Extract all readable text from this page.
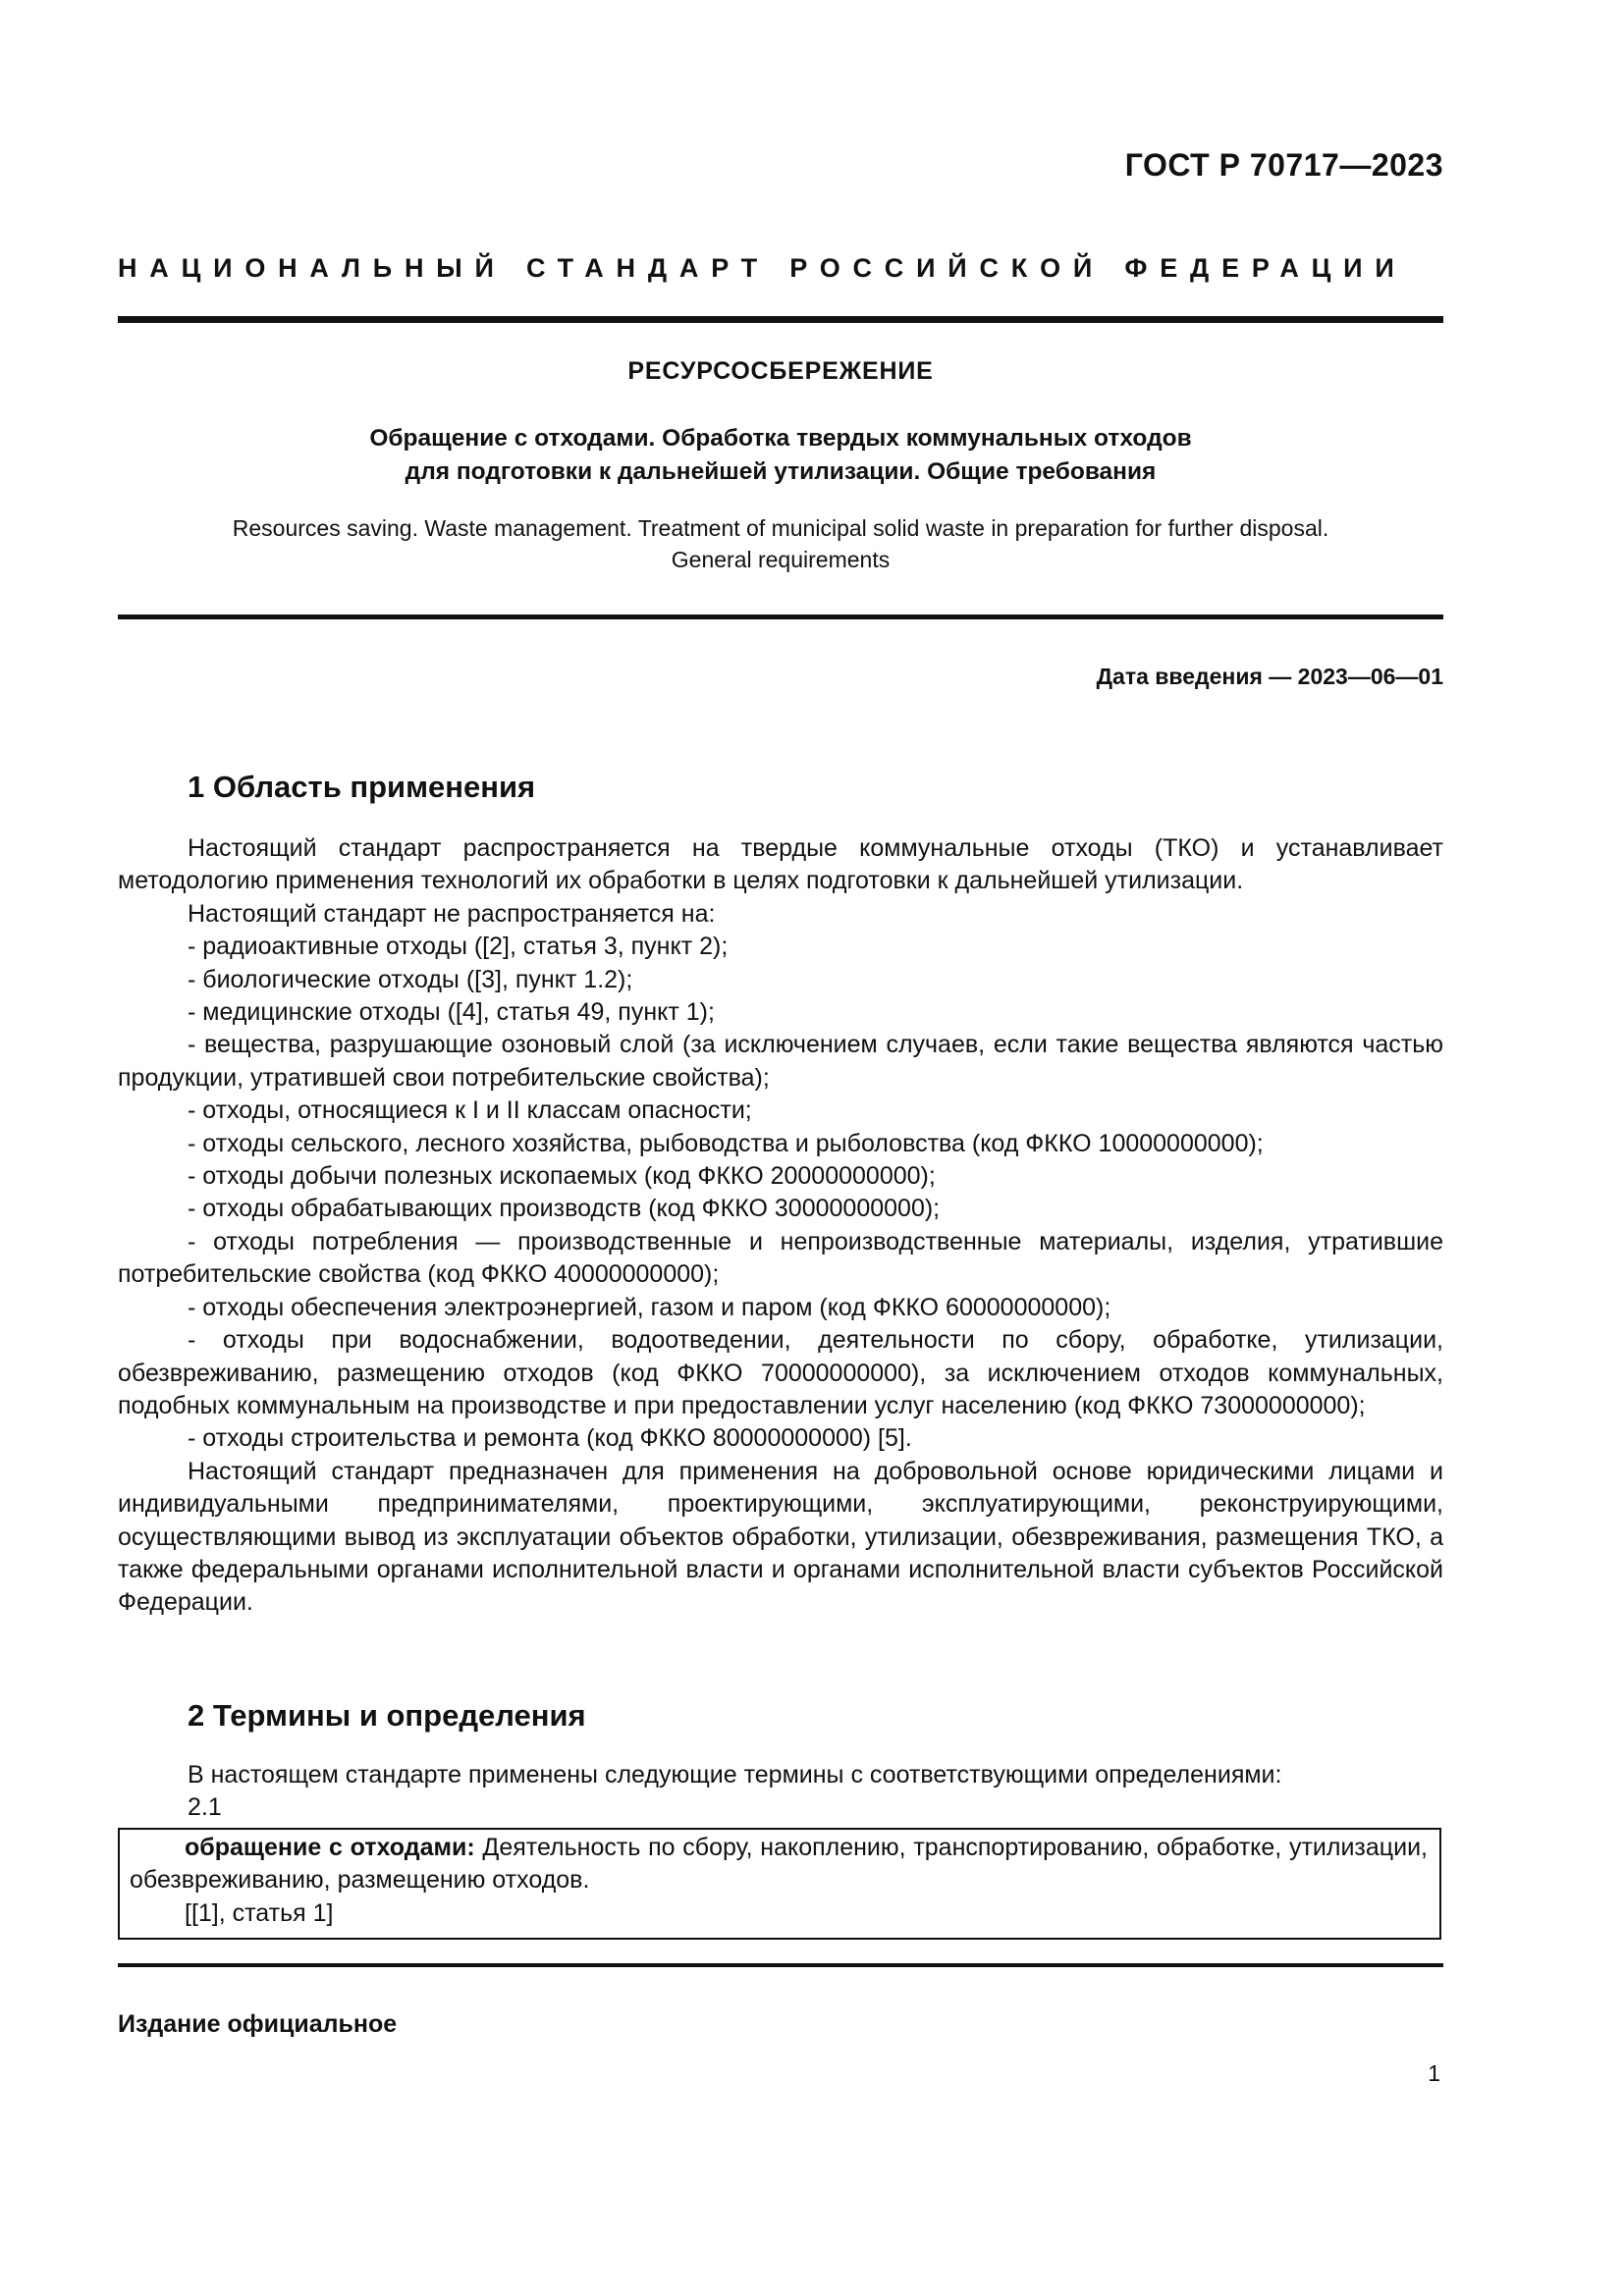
ГОСТ Р 70717—2023
НАЦИОНАЛЬНЫЙ СТАНДАРТ РОССИЙСКОЙ ФЕДЕРАЦИИ
РЕСУРСОСБЕРЕЖЕНИЕ
Обращение с отходами. Обработка твердых коммунальных отходов
для подготовки к дальнейшей утилизации. Общие требования
Resources saving. Waste management. Treatment of municipal solid waste in preparation for further disposal.
General requirements
Дата введения — 2023—06—01
1 Область применения

Настоящий стандарт распространяется на твердые коммунальные отходы (ТКО) и устанавливает методологию применения технологий их обработки в целях подготовки к дальнейшей утилизации.

Настоящий стандарт не распространяется на:

- радиоактивные отходы ([2], статья 3, пункт 2);

- биологические отходы ([3], пункт 1.2);

- медицинские отходы ([4], статья 49, пункт 1);

- вещества, разрушающие озоновый слой (за исключением случаев, если такие вещества являются частью продукции, утратившей свои потребительские свойства);

- отходы, относящиеся к I и II классам опасности;

- отходы сельского, лесного хозяйства, рыбоводства и рыболовства (код ФККО 10000000000);

- отходы добычи полезных ископаемых (код ФККО 20000000000);

- отходы обрабатывающих производств (код ФККО 30000000000);

- отходы потребления — производственные и непроизводственные материалы, изделия, утратившие потребительские свойства (код ФККО 40000000000);

- отходы обеспечения электроэнергией, газом и паром (код ФККО 60000000000);

- отходы при водоснабжении, водоотведении, деятельности по сбору, обработке, утилизации, обезвреживанию, размещению отходов (код ФККО 70000000000), за исключением отходов коммунальных, подобных коммунальным на производстве и при предоставлении услуг населению (код ФККО 73000000000);

- отходы строительства и ремонта (код ФККО 80000000000) [5].

Настоящий стандарт предназначен для применения на добровольной основе юридическими лицами и индивидуальными предпринимателями, проектирующими, эксплуатирующими, реконструирующими, осуществляющими вывод из эксплуатации объектов обработки, утилизации, обезвреживания, размещения ТКО, а также федеральными органами исполнительной власти и органами исполнительной власти субъектов Российской Федерации.

2 Термины и определения

В настоящем стандарте применены следующие термины с соответствующими определениями:

2.1

обращение с отходами: Деятельность по сбору, накоплению, транспортированию, обработке, утилизации, обезвреживанию, размещению отходов.

[[1], статья 1]

Издание официальное
1
